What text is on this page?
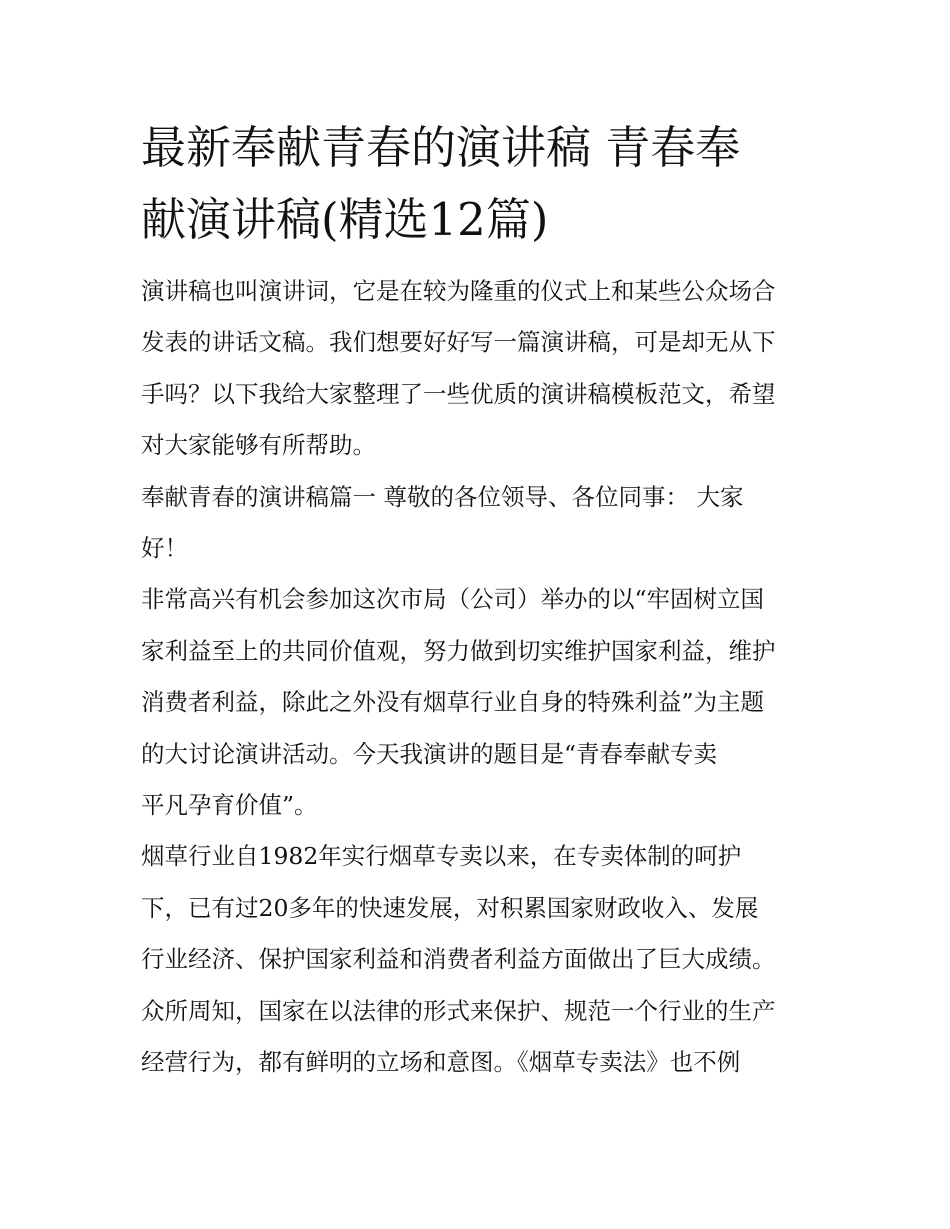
最新奉献青春的演讲稿 青春奉
献演讲稿(精选12篇)

演讲稿也叫演讲词，它是在较为隆重的仪式上和某些公众场合
发表的讲话文稿。我们想要好好写一篇演讲稿，可是却无从下
手吗？以下我给大家整理了一些优质的演讲稿模板范文，希望
对大家能够有所帮助。

奉献青春的演讲稿篇一 尊敬的各位领导、各位同事： 大家
好！

非常高兴有机会参加这次市局（公司）举办的以“牢固树立国
家利益至上的共同价值观，努力做到切实维护国家利益，维护
消费者利益，除此之外没有烟草行业自身的特殊利益”为主题
的大讨论演讲活动。今天我演讲的题目是“青春奉献专卖
平凡孕育价值”。

烟草行业自1982年实行烟草专卖以来，在专卖体制的呵护
下，已有过20多年的快速发展，对积累国家财政收入、发展
行业经济、保护国家利益和消费者利益方面做出了巨大成绩。
众所周知，国家在以法律的形式来保护、规范一个行业的生产
经营行为，都有鲜明的立场和意图。《烟草专卖法》也不例
